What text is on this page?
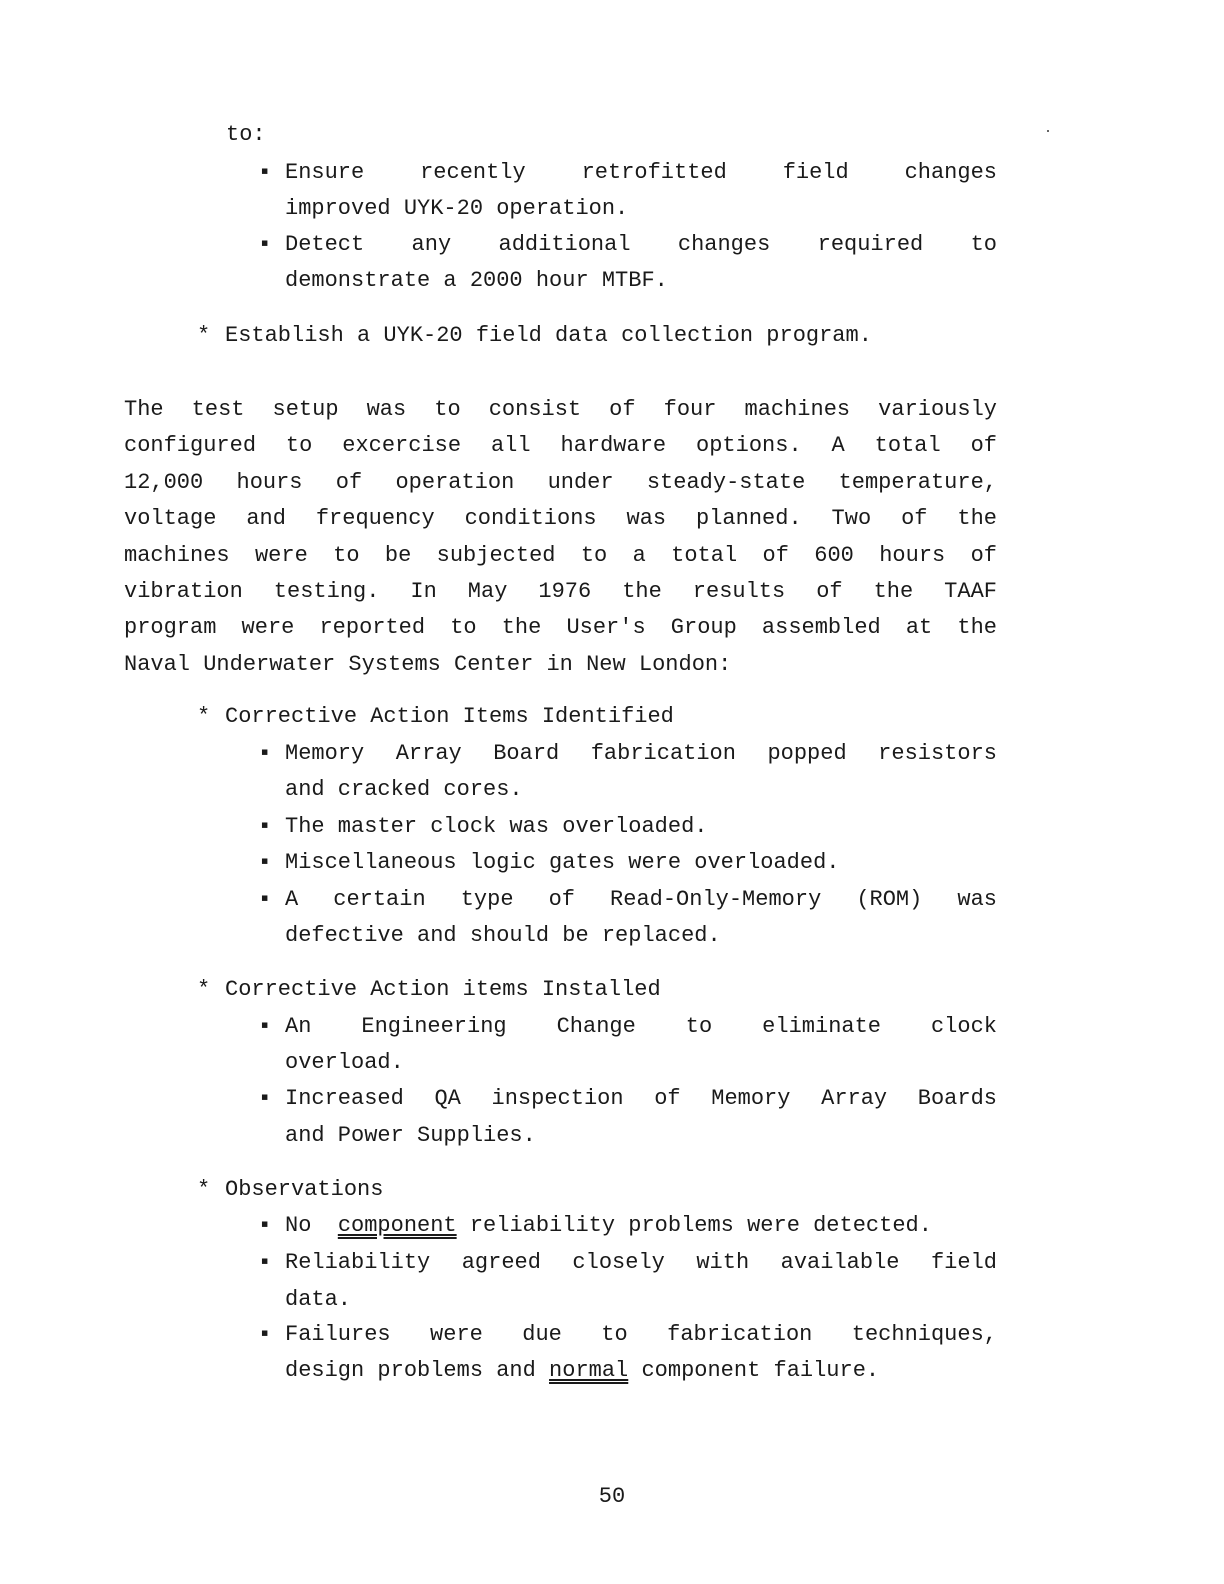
to:
▪ Ensure recently retrofitted field changes
improved UYK-20 operation.
▪ Detect any additional changes required to
demonstrate a 2000 hour MTBF.
* Establish a UYK-20 field data collection program.
The test setup was to consist of four machines variously
configured to excercise all hardware options. A total of
12,000 hours of operation under steady-state temperature,
voltage and frequency conditions was planned. Two of the
machines were to be subjected to a total of 600 hours of
vibration testing. In May 1976 the results of the TAAF
program were reported to the User's Group assembled at the
Naval Underwater Systems Center in New London:
* Corrective Action Items Identified
▪ Memory Array Board fabrication popped resistors
and cracked cores.
▪ The master clock was overloaded.
▪ Miscellaneous logic gates were overloaded.
▪ A certain type of Read-Only-Memory (ROM) was
defective and should be replaced.
* Corrective Action items Installed
▪ An Engineering Change to eliminate clock
overload.
▪ Increased QA inspection of Memory Array Boards
and Power Supplies.
* Observations
▪ No component reliability problems were detected.
▪ Reliability agreed closely with available field
data.
▪ Failures were due to fabrication techniques,
design problems and normal component failure.
50
